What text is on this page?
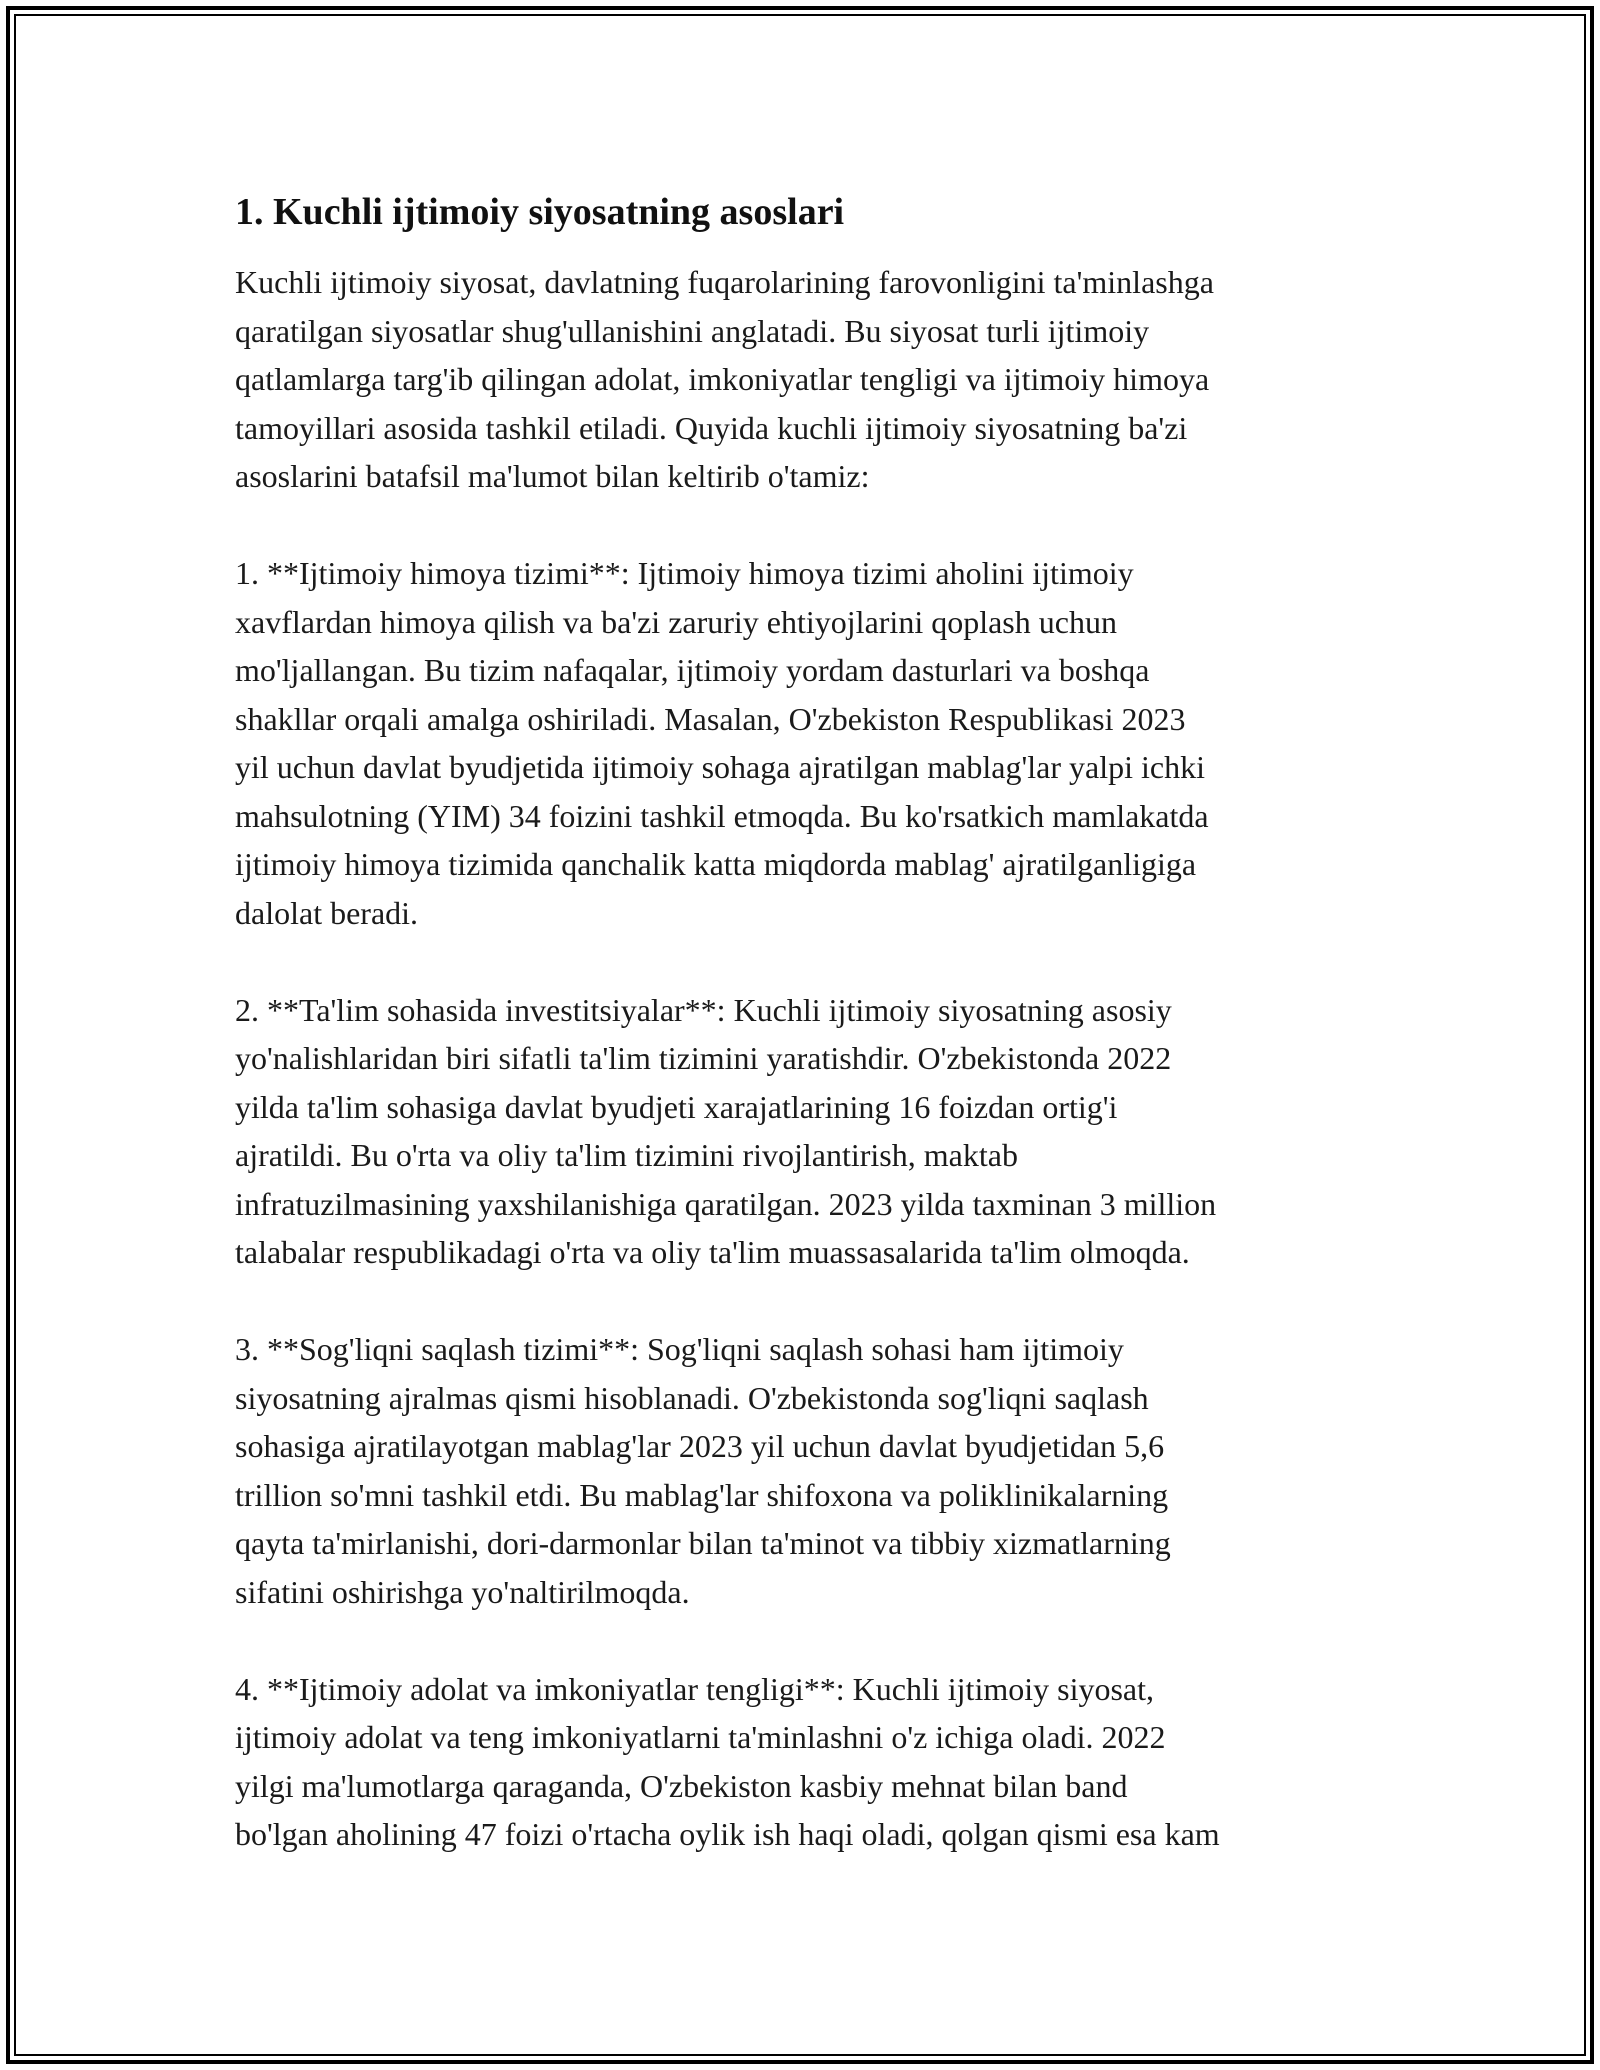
1. Kuchli ijtimoiy siyosatning asoslari
Kuchli ijtimoiy siyosat, davlatning fuqarolarining farovonligini ta'minlashga
qaratilgan siyosatlar shug'ullanishini anglatadi. Bu siyosat turli ijtimoiy
qatlamlarga targ'ib qilingan adolat, imkoniyatlar tengligi va ijtimoiy himoya
tamoyillari asosida tashkil etiladi. Quyida kuchli ijtimoiy siyosatning ba'zi
asoslarini batafsil ma'lumot bilan keltirib o'tamiz:
1. **Ijtimoiy himoya tizimi**: Ijtimoiy himoya tizimi aholini ijtimoiy
xavflardan himoya qilish va ba'zi zaruriy ehtiyojlarini qoplash uchun
mo'ljallangan. Bu tizim nafaqalar, ijtimoiy yordam dasturlari va boshqa
shakllar orqali amalga oshiriladi. Masalan, O'zbekiston Respublikasi 2023
yil uchun davlat byudjetida ijtimoiy sohaga ajratilgan mablag'lar yalpi ichki
mahsulotning (YIM) 34 foizini tashkil etmoqda. Bu ko'rsatkich mamlakatda
ijtimoiy himoya tizimida qanchalik katta miqdorda mablag' ajratilganligiga
dalolat beradi.
2. **Ta'lim sohasida investitsiyalar**: Kuchli ijtimoiy siyosatning asosiy
yo'nalishlaridan biri sifatli ta'lim tizimini yaratishdir. O'zbekistonda 2022
yilda ta'lim sohasiga davlat byudjeti xarajatlarining 16 foizdan ortig'i
ajratildi. Bu o'rta va oliy ta'lim tizimini rivojlantirish, maktab
infratuzilmasining yaxshilanishiga qaratilgan. 2023 yilda taxminan 3 million
talabalar respublikadagi o'rta va oliy ta'lim muassasalarida ta'lim olmoqda.
3. **Sog'liqni saqlash tizimi**: Sog'liqni saqlash sohasi ham ijtimoiy
siyosatning ajralmas qismi hisoblanadi. O'zbekistonda sog'liqni saqlash
sohasiga ajratilayotgan mablag'lar 2023 yil uchun davlat byudjetidan 5,6
trillion so'mni tashkil etdi. Bu mablag'lar shifoxona va poliklinikalarning
qayta ta'mirlanishi, dori-darmonlar bilan ta'minot va tibbiy xizmatlarning
sifatini oshirishga yo'naltirilmoqda.
4. **Ijtimoiy adolat va imkoniyatlar tengligi**: Kuchli ijtimoiy siyosat,
ijtimoiy adolat va teng imkoniyatlarni ta'minlashni o'z ichiga oladi. 2022
yilgi ma'lumotlarga qaraganda, O'zbekiston kasbiy mehnat bilan band
bo'lgan aholining 47 foizi o'rtacha oylik ish haqi oladi, qolgan qismi esa kam
